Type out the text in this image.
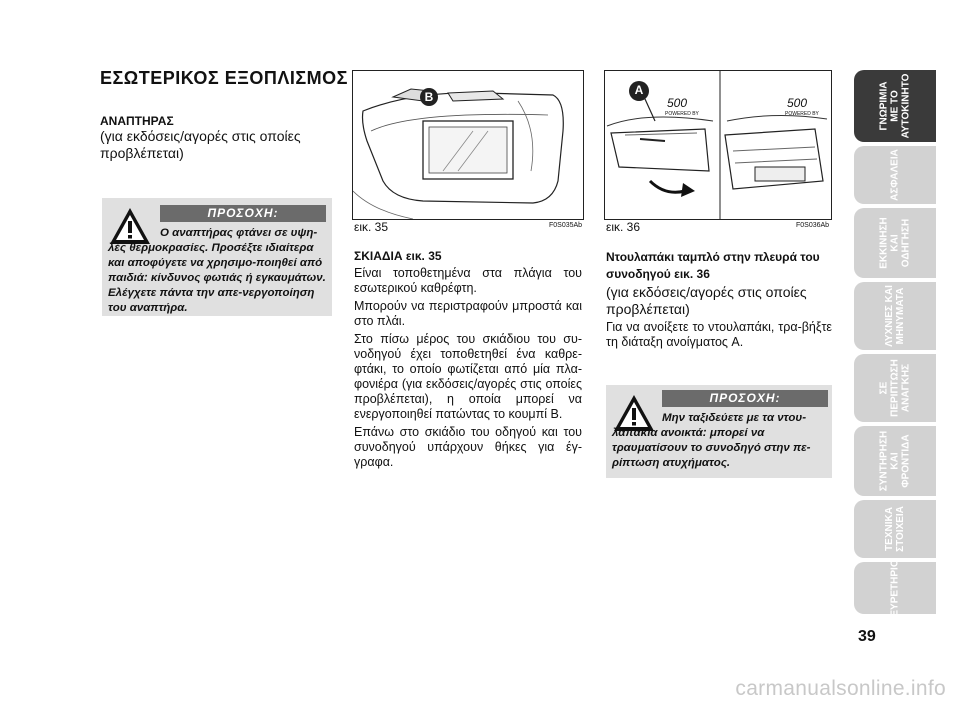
ΕΣΩΤΕΡΙΚΟΣ ΕΞΟΠΛΙΣΜΟΣ
ΑΝΑΠΤΗΡΑΣ
(για εκδόσεις/αγορές στις οποίες προβλέπεται)
ΠΡΟΣΟΧΗ:
Ο αναπτήρας φτάνει σε υψη-λές θερμοκρασίες. Προσέξτε ιδιαίτερα και αποφύγετε να χρησιμο-ποιηθεί από παιδιά: κίνδυνος φωτιάς ή εγκαυμάτων. Ελέγχετε πάντα την απε-νεργοποίηση του αναπτήρα.
B
εικ. 35	F0S035Ab
ΣΚΙΑΔΙΑ εικ. 35

Είναι τοποθετημένα στα πλάγια του εσωτερικού καθρέφτη.

Μπορούν να περιστραφούν μπροστά και στο πλάι.

Στο πίσω μέρος του σκιάδιου του συ-νοδηγού έχει τοποθετηθεί ένα καθρε-φτάκι, το οποίο φωτίζεται από μία πλα-φονιέρα (για εκδόσεις/αγορές στις οποίες προβλέπεται), η οποία μπορεί να ενεργοποιηθεί πατώντας το κουμπί B.

Επάνω στο σκιάδιο του οδηγού και του συνοδηγού υπάρχουν θήκες για έγ-γραφα.

A
500
POWERED BY
500
POWERED BY
εικ. 36	F0S036Ab
Ντουλαπάκι ταμπλό στην πλευρά του συνοδηγού εικ. 36
(για εκδόσεις/αγορές στις οποίες προβλέπεται)
Για να ανοίξετε το ντουλαπάκι, τρα-βήξτε τη διάταξη ανοίγματος A.
ΠΡΟΣΟΧΗ:
Μην ταξιδεύετε με τα ντου-λαπάκια ανοικτά: μπορεί να τραυματίσουν το συνοδηγό στην πε-ρίπτωση ατυχήματος.
ΓΝΩΡΙΜΙΑ ΜΕ ΤΟ ΑΥΤΟΚΙΝΗΤΟ
ΑΣΦΑΛΕΙΑ
ΕΚΚΙΝΗΣΗ ΚΑΙ ΟΔΗΓΗΣΗ
ΛΥΧΝΙΕΣ ΚΑΙ ΜΗΝΥΜΑΤΑ
ΣΕ ΠΕΡΙΠΤΩΣΗ ΑΝΑΓΚΗΣ
ΣΥΝΤΗΡΗΣΗ ΚΑΙ ΦΡΟΝΤΙΔΑ
ΤΕΧΝΙΚΑ ΣΤΟΙΧΕΙΑ
ΕΥΡΕΤΗΡΙΟ
39
carmanualsonline.info
